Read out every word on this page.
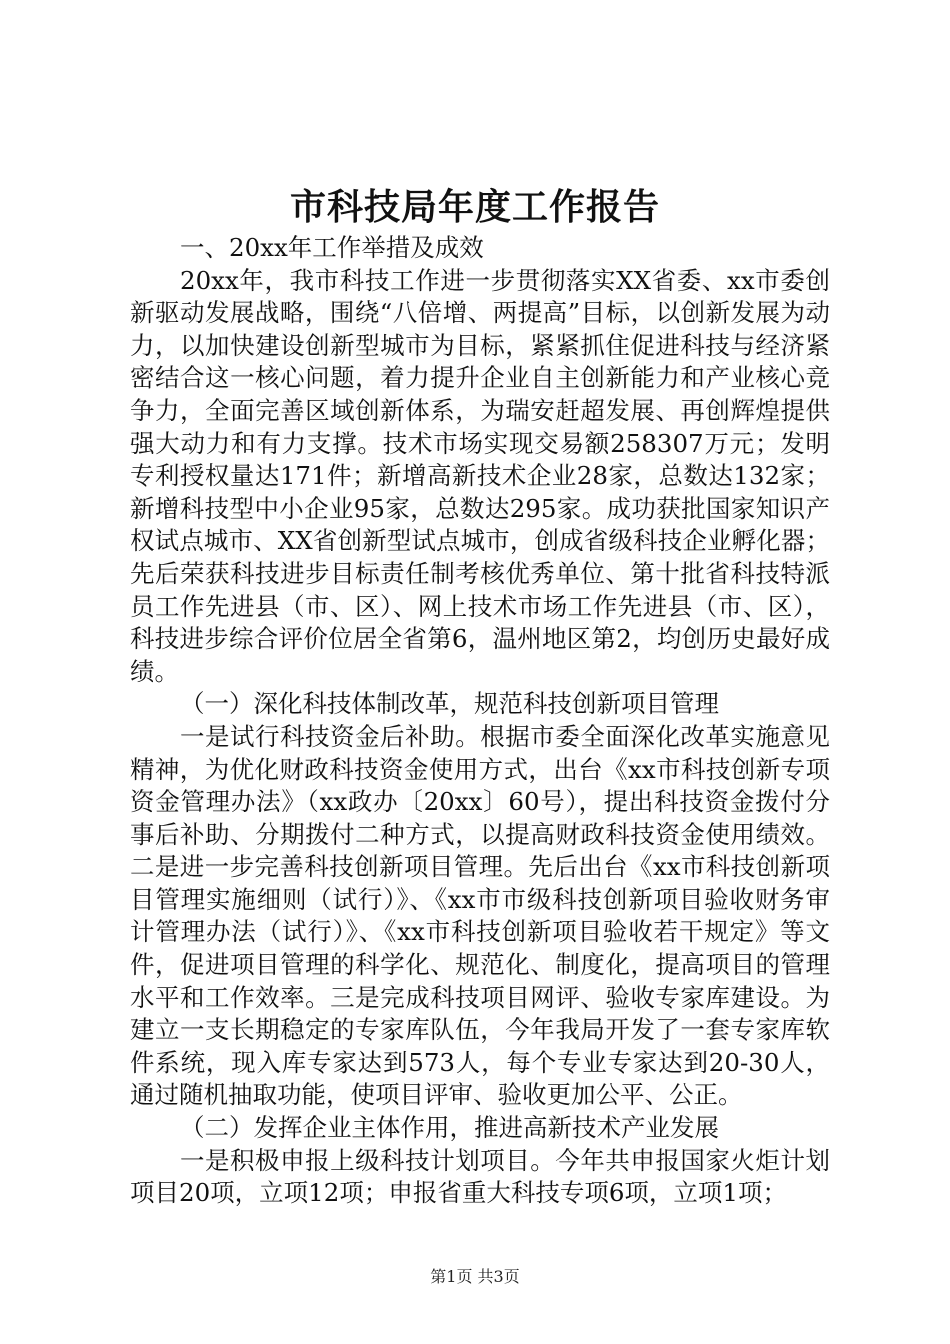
市科技局年度工作报告

一、20xx年工作举措及成效

20xx年，我市科技工作进一步贯彻落实XX省委、xx市委创新驱动发展战略，围绕“八倍增、两提高”目标，以创新发展为动力，以加快建设创新型城市为目标，紧紧抓住促进科技与经济紧密结合这一核心问题，着力提升企业自主创新能力和产业核心竞争力，全面完善区域创新体系，为瑞安赶超发展、再创辉煌提供强大动力和有力支撑。技术市场实现交易额258307万元；发明专利授权量达171件；新增高新技术企业28家，总数达132家；新增科技型中小企业95家，总数达295家。成功获批国家知识产权试点城市、XX省创新型试点城市，创成省级科技企业孵化器；先后荣获科技进步目标责任制考核优秀单位、第十批省科技特派员工作先进县（市、区）、网上技术市场工作先进县（市、区），科技进步综合评价位居全省第6，温州地区第2，均创历史最好成绩。

（一）深化科技体制改革，规范科技创新项目管理

一是试行科技资金后补助。根据市委全面深化改革实施意见精神，为优化财政科技资金使用方式，出台《xx市科技创新专项资金管理办法》（xx政办〔20xx〕60号），提出科技资金拨付分事后补助、分期拨付二种方式，以提高财政科技资金使用绩效。二是进一步完善科技创新项目管理。先后出台《xx市科技创新项目管理实施细则（试行）》、《xx市市级科技创新项目验收财务审计管理办法（试行）》、《xx市科技创新项目验收若干规定》等文件，促进项目管理的科学化、规范化、制度化，提高项目的管理水平和工作效率。三是完成科技项目网评、验收专家库建设。为建立一支长期稳定的专家库队伍，今年我局开发了一套专家库软件系统，现入库专家达到573人，每个专业专家达到20-30人，通过随机抽取功能，使项目评审、验收更加公平、公正。

（二）发挥企业主体作用，推进高新技术产业发展

一是积极申报上级科技计划项目。今年共申报国家火炬计划项目20项，立项12项；申报省重大科技专项6项，立项1项；

第1页 共3页
